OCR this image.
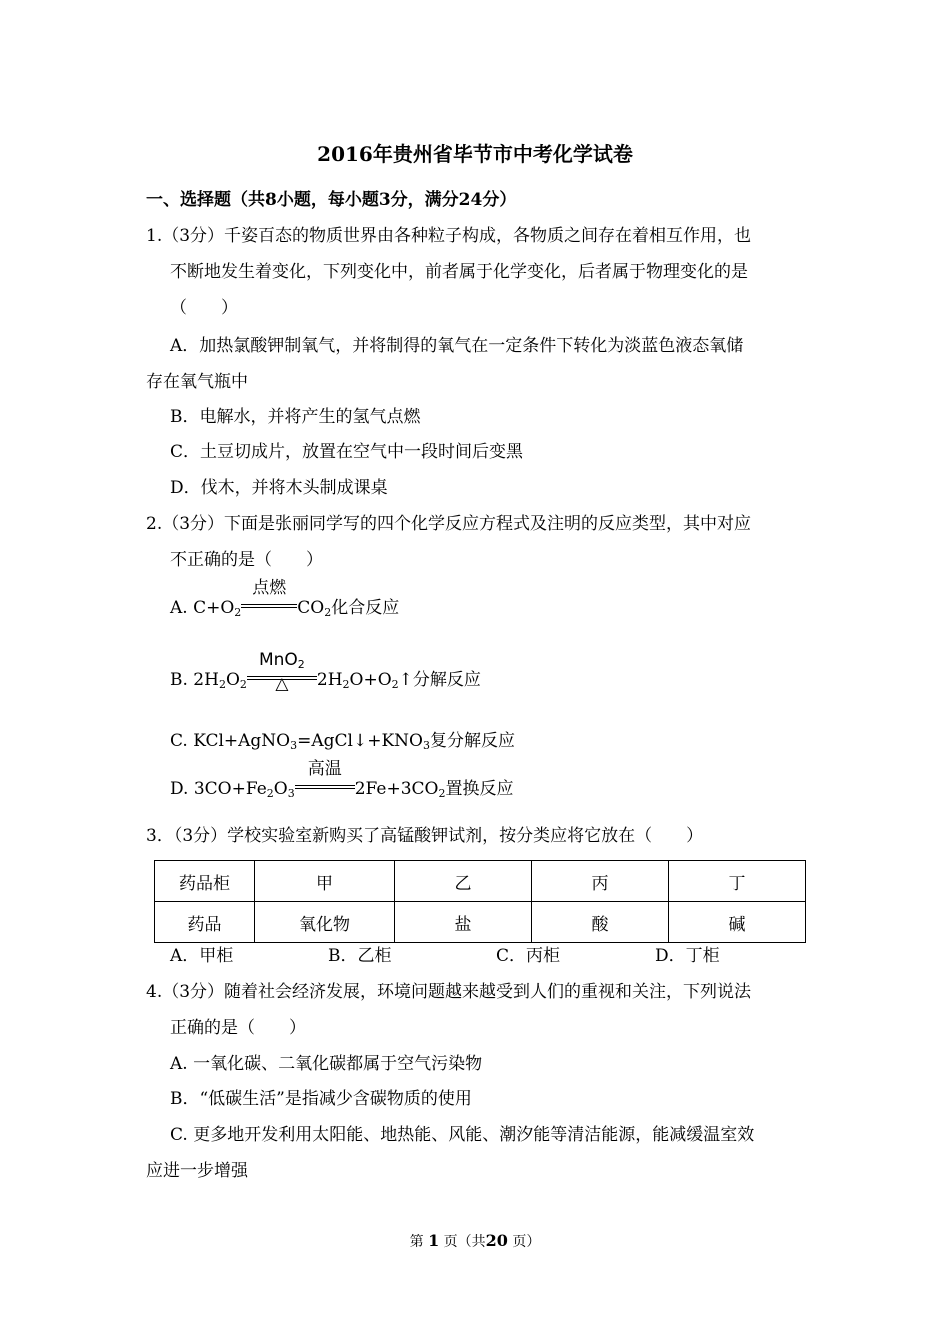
2016年贵州省毕节市中考化学试卷
一、选择题（共8小题，每小题3分，满分24分）
1.（3分）千姿百态的物质世界由各种粒子构成，各物质之间存在着相互作用，也
不断地发生着变化，下列变化中，前者属于化学变化，后者属于物理变化的是
（　　）
A．加热氯酸钾制氧气，并将制得的氧气在一定条件下转化为淡蓝色液态氧储
存在氧气瓶中
B．电解水，并将产生的氢气点燃
C．土豆切成片，放置在空气中一段时间后变黑
D．伐木，并将木头制成课桌
2.（3分）下面是张丽同学写的四个化学反应方程式及注明的反应类型，其中对应
不正确的是（　　）
A. $C+O_2$
点燃
$CO_2$化合反应
B. $2H_2O_2$
MnO$_2$
△	$2H_2O+O_2↑$分解反应
C. $KCl+AgNO_3=AgCl↓+KNO_3$复分解反应
D. $3CO+Fe_2O_3$
高温
$2Fe+3CO_2$置换反应
3．（3分）学校实验室新购买了高锰酸钾试剂，按分类应将它放在（　　）
药品柜	甲	乙	丙	丁
药品	氧化物	盐	酸	碱
A．甲柜	B．乙柜	C．丙柜	D．丁柜
4.（3分）随着社会经济发展，环境问题越来越受到人们的重视和关注，下列说法
正确的是（　　）
A. 一氧化碳、二氧化碳都属于空气污染物
B．“低碳生活”是指减少含碳物质的使用
C. 更多地开发利用太阳能、地热能、风能、潮汐能等清洁能源，能减缓温室效
应进一步增强
第 1 页（共20 页）
